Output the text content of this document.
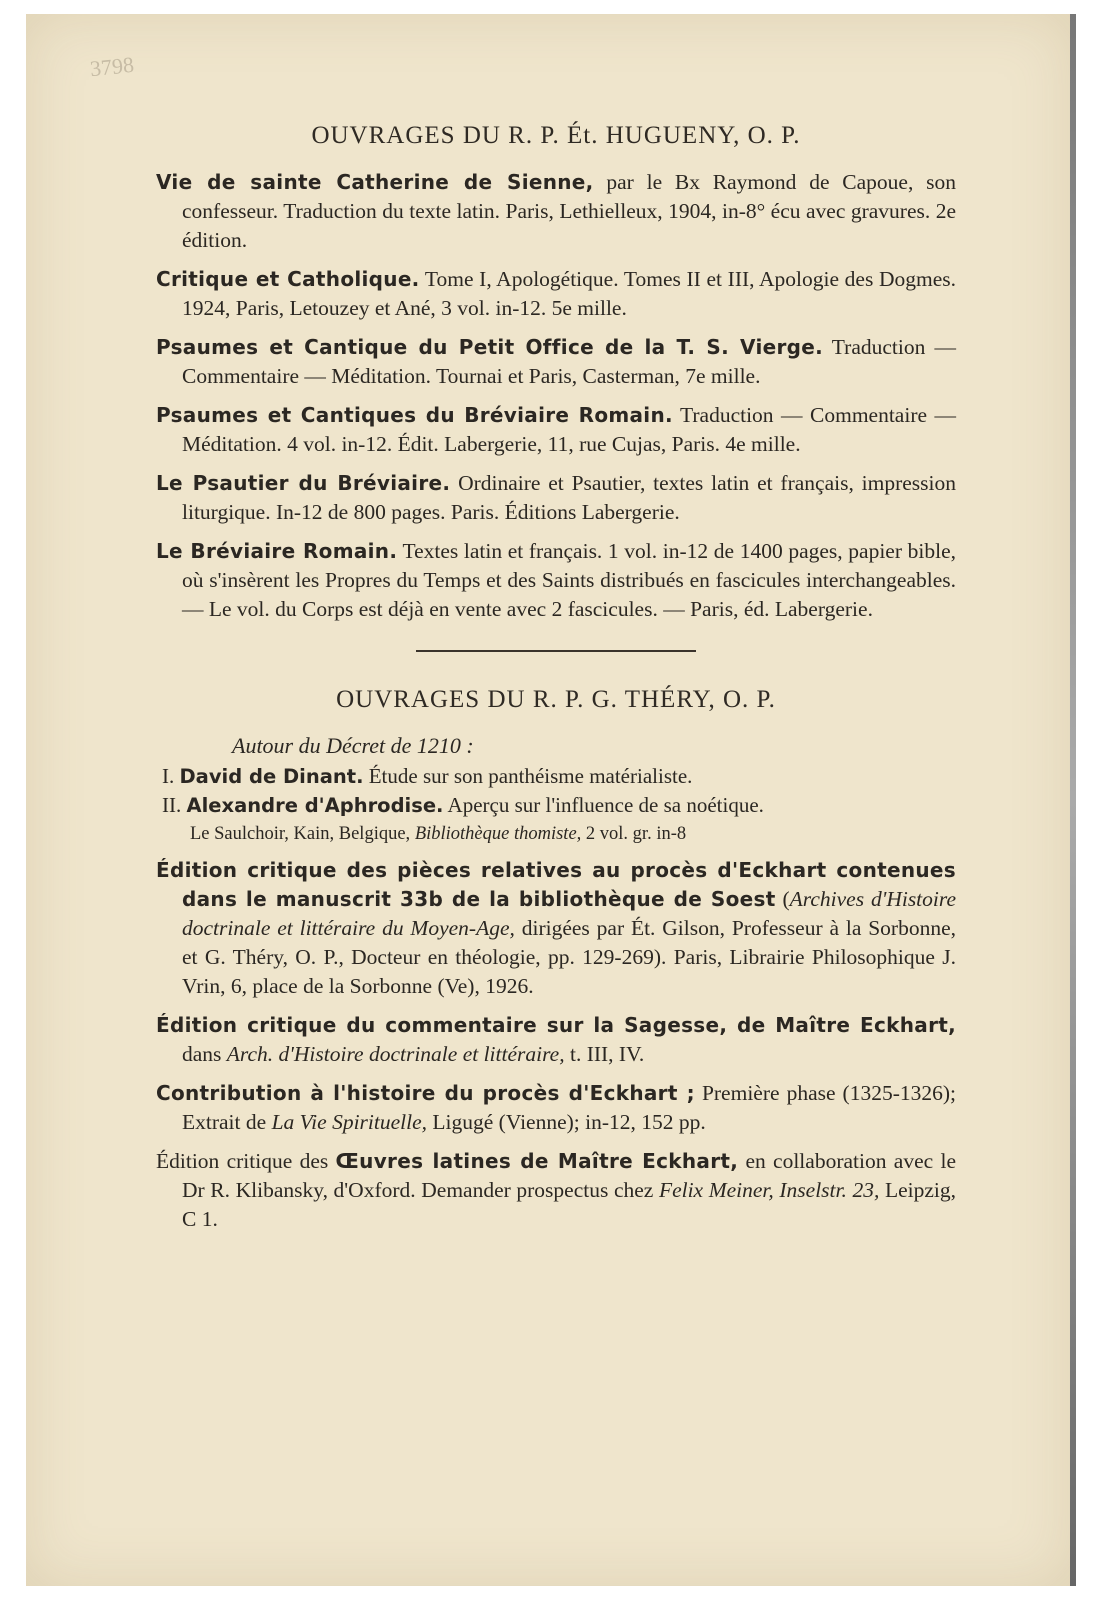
3798
OUVRAGES DU R. P. Ét. HUGUENY, O. P.
Vie de sainte Catherine de Sienne, par le Bx Raymond de Capoue, son confesseur. Traduction du texte latin. Paris, Lethielleux, 1904, in-8° écu avec gravures. 2e édition.
Critique et Catholique. Tome I, Apologétique. Tomes II et III, Apologie des Dogmes. 1924, Paris, Letouzey et Ané, 3 vol. in-12. 5e mille.
Psaumes et Cantique du Petit Office de la T. S. Vierge. Traduction — Commentaire — Méditation. Tournai et Paris, Casterman, 7e mille.
Psaumes et Cantiques du Bréviaire Romain. Traduction — Commentaire — Méditation. 4 vol. in-12. Édit. Labergerie, 11, rue Cujas, Paris. 4e mille.
Le Psautier du Bréviaire. Ordinaire et Psautier, textes latin et français, impression liturgique. In-12 de 800 pages. Paris. Éditions Labergerie.
Le Bréviaire Romain. Textes latin et français. 1 vol. in-12 de 1400 pages, papier bible, où s'insèrent les Propres du Temps et des Saints distribués en fascicules interchangeables. — Le vol. du Corps est déjà en vente avec 2 fascicules. — Paris, éd. Labergerie.
OUVRAGES DU R. P. G. THÉRY, O. P.
Autour du Décret de 1210 :
I. David de Dinant. Étude sur son panthéisme matérialiste.
II. Alexandre d'Aphrodise. Aperçu sur l'influence de sa noétique.
Le Saulchoir, Kain, Belgique, Bibliothèque thomiste, 2 vol. gr. in-8
Édition critique des pièces relatives au procès d'Eckhart contenues dans le manuscrit 33b de la bibliothèque de Soest (Archives d'Histoire doctrinale et littéraire du Moyen-Age, dirigées par Ét. Gilson, Professeur à la Sorbonne, et G. Théry, O. P., Docteur en théologie, pp. 129-269). Paris, Librairie Philosophique J. Vrin, 6, place de la Sorbonne (Ve), 1926.
Édition critique du commentaire sur la Sagesse, de Maître Eckhart, dans Arch. d'Histoire doctrinale et littéraire, t. III, IV.
Contribution à l'histoire du procès d'Eckhart ; Première phase (1325-1326); Extrait de La Vie Spirituelle, Ligugé (Vienne); in-12, 152 pp.
Édition critique des Œuvres latines de Maître Eckhart, en collaboration avec le Dr R. Klibansky, d'Oxford. Demander prospectus chez Felix Meiner, Inselstr. 23, Leipzig, C 1.
